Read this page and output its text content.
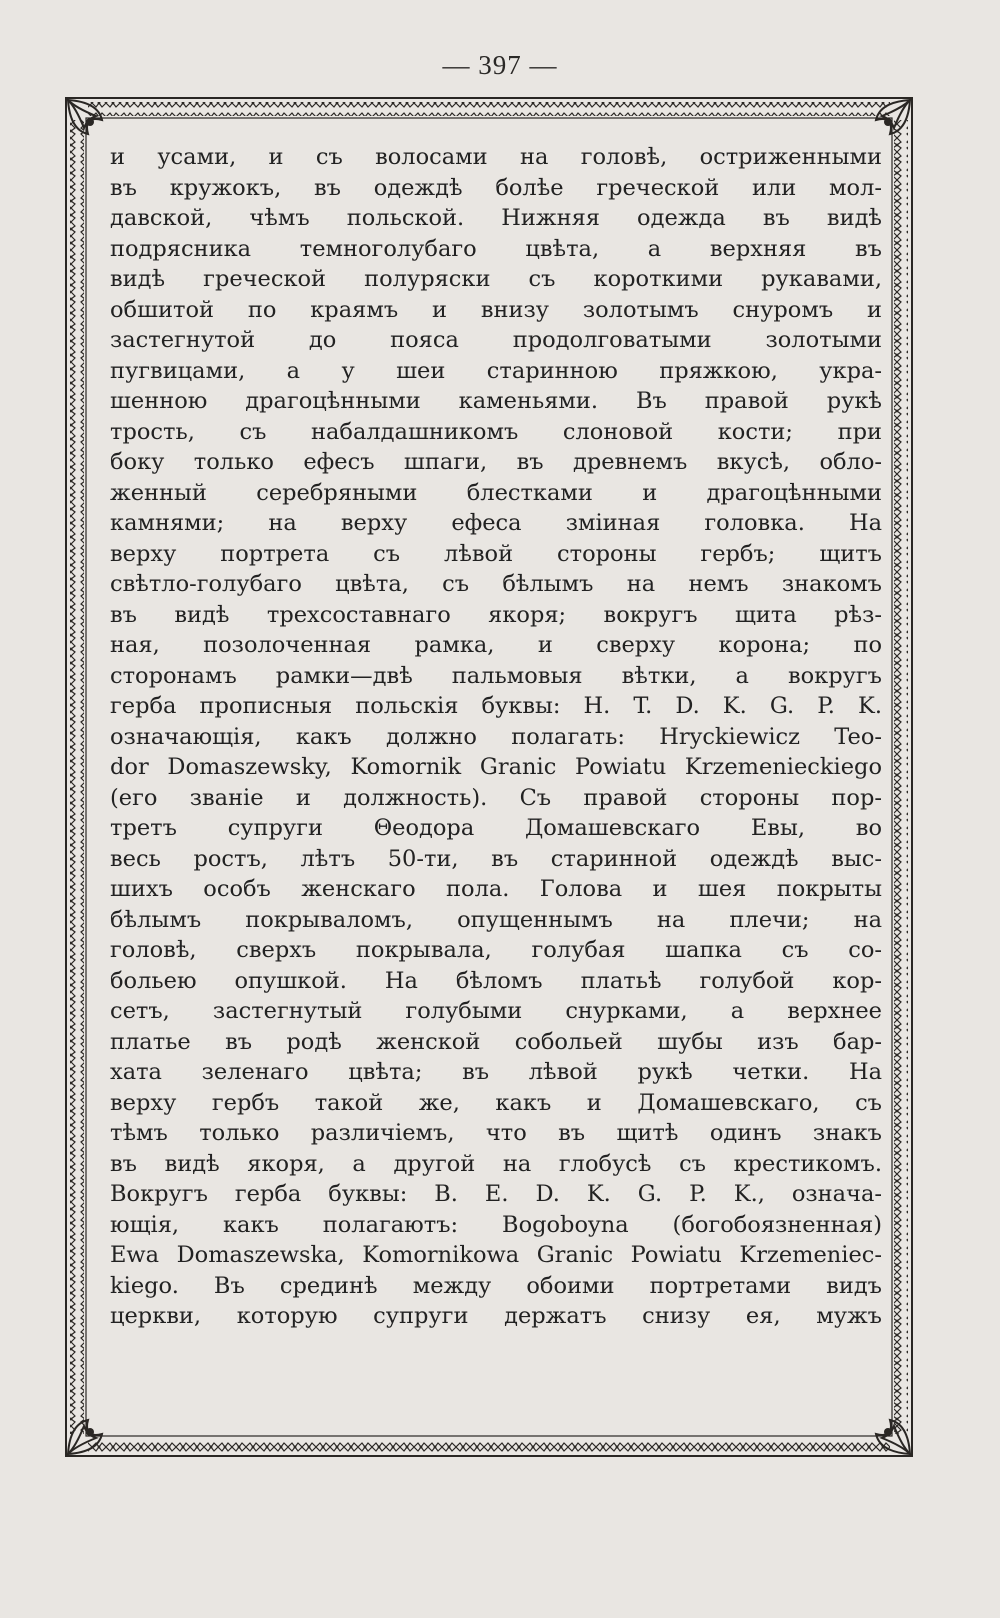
— 397 —
и усами, и съ волосами на головѣ, остриженными
въ кружокъ, въ одеждѣ болѣе греческой или мол-
давской, чѣмъ польской. Нижняя одежда въ видѣ
подрясника темноголубаго цвѣта, а верхняя въ
видѣ греческой полуряски съ короткими рукавами,
обшитой по краямъ и внизу золотымъ снуромъ и
застегнутой до пояса продолговатыми золотыми
пугвицами, а у шеи старинною пряжкою, укра-
шенною драгоцѣнными каменьями. Въ правой рукѣ
трость, съ набалдашникомъ слоновой кости; при
боку только ефесъ шпаги, въ древнемъ вкусѣ, обло-
женный серебряными блестками и драгоцѣнными
камнями; на верху ефеса зміиная головка. На
верху портрета съ лѣвой стороны гербъ; щитъ
свѣтло-голубаго цвѣта, съ бѣлымъ на немъ знакомъ
въ видѣ трехсоставнаго якоря; вокругъ щита рѣз-
ная, позолоченная рамка, и сверху корона; по
сторонамъ рамки—двѣ пальмовыя вѣтки, а вокругъ
герба прописныя польскія буквы: H. T. D. K. G. P. K.
означающія, какъ должно полагать: Hryckiewicz Teo-
dor Domaszewsky, Komornik Granic Powiatu Krzemenieckiego
(его званіе и должность). Съ правой стороны пор-
третъ супруги Θеодора Домашевскаго Евы, во
весь ростъ, лѣтъ 50-ти, въ старинной одеждѣ выс-
шихъ особъ женскаго пола. Голова и шея покрыты
бѣлымъ покрываломъ, опущеннымъ на плечи; на
головѣ, сверхъ покрывала, голубая шапка съ со-
больею опушкой. На бѣломъ платьѣ голубой кор-
сетъ, застегнутый голубыми снурками, а верхнее
платье въ родѣ женской собольей шубы изъ бар-
хата зеленаго цвѣта; въ лѣвой рукѣ четки. На
верху гербъ такой же, какъ и Домашевскаго, съ
тѣмъ только различіемъ, что въ щитѣ одинъ знакъ
въ видѣ якоря, а другой на глобусѣ съ крестикомъ.
Вокругъ герба буквы: B. E. D. K. G. P. K., означа-
ющія, какъ полагаютъ: Bogoboyna (богобоязненная)
Ewa Domaszewska, Komornikowa Granic Powiatu Krzemeniec-
kiego. Въ срединѣ между обоими портретами видъ
церкви, которую супруги держатъ снизу ея, мужъ
